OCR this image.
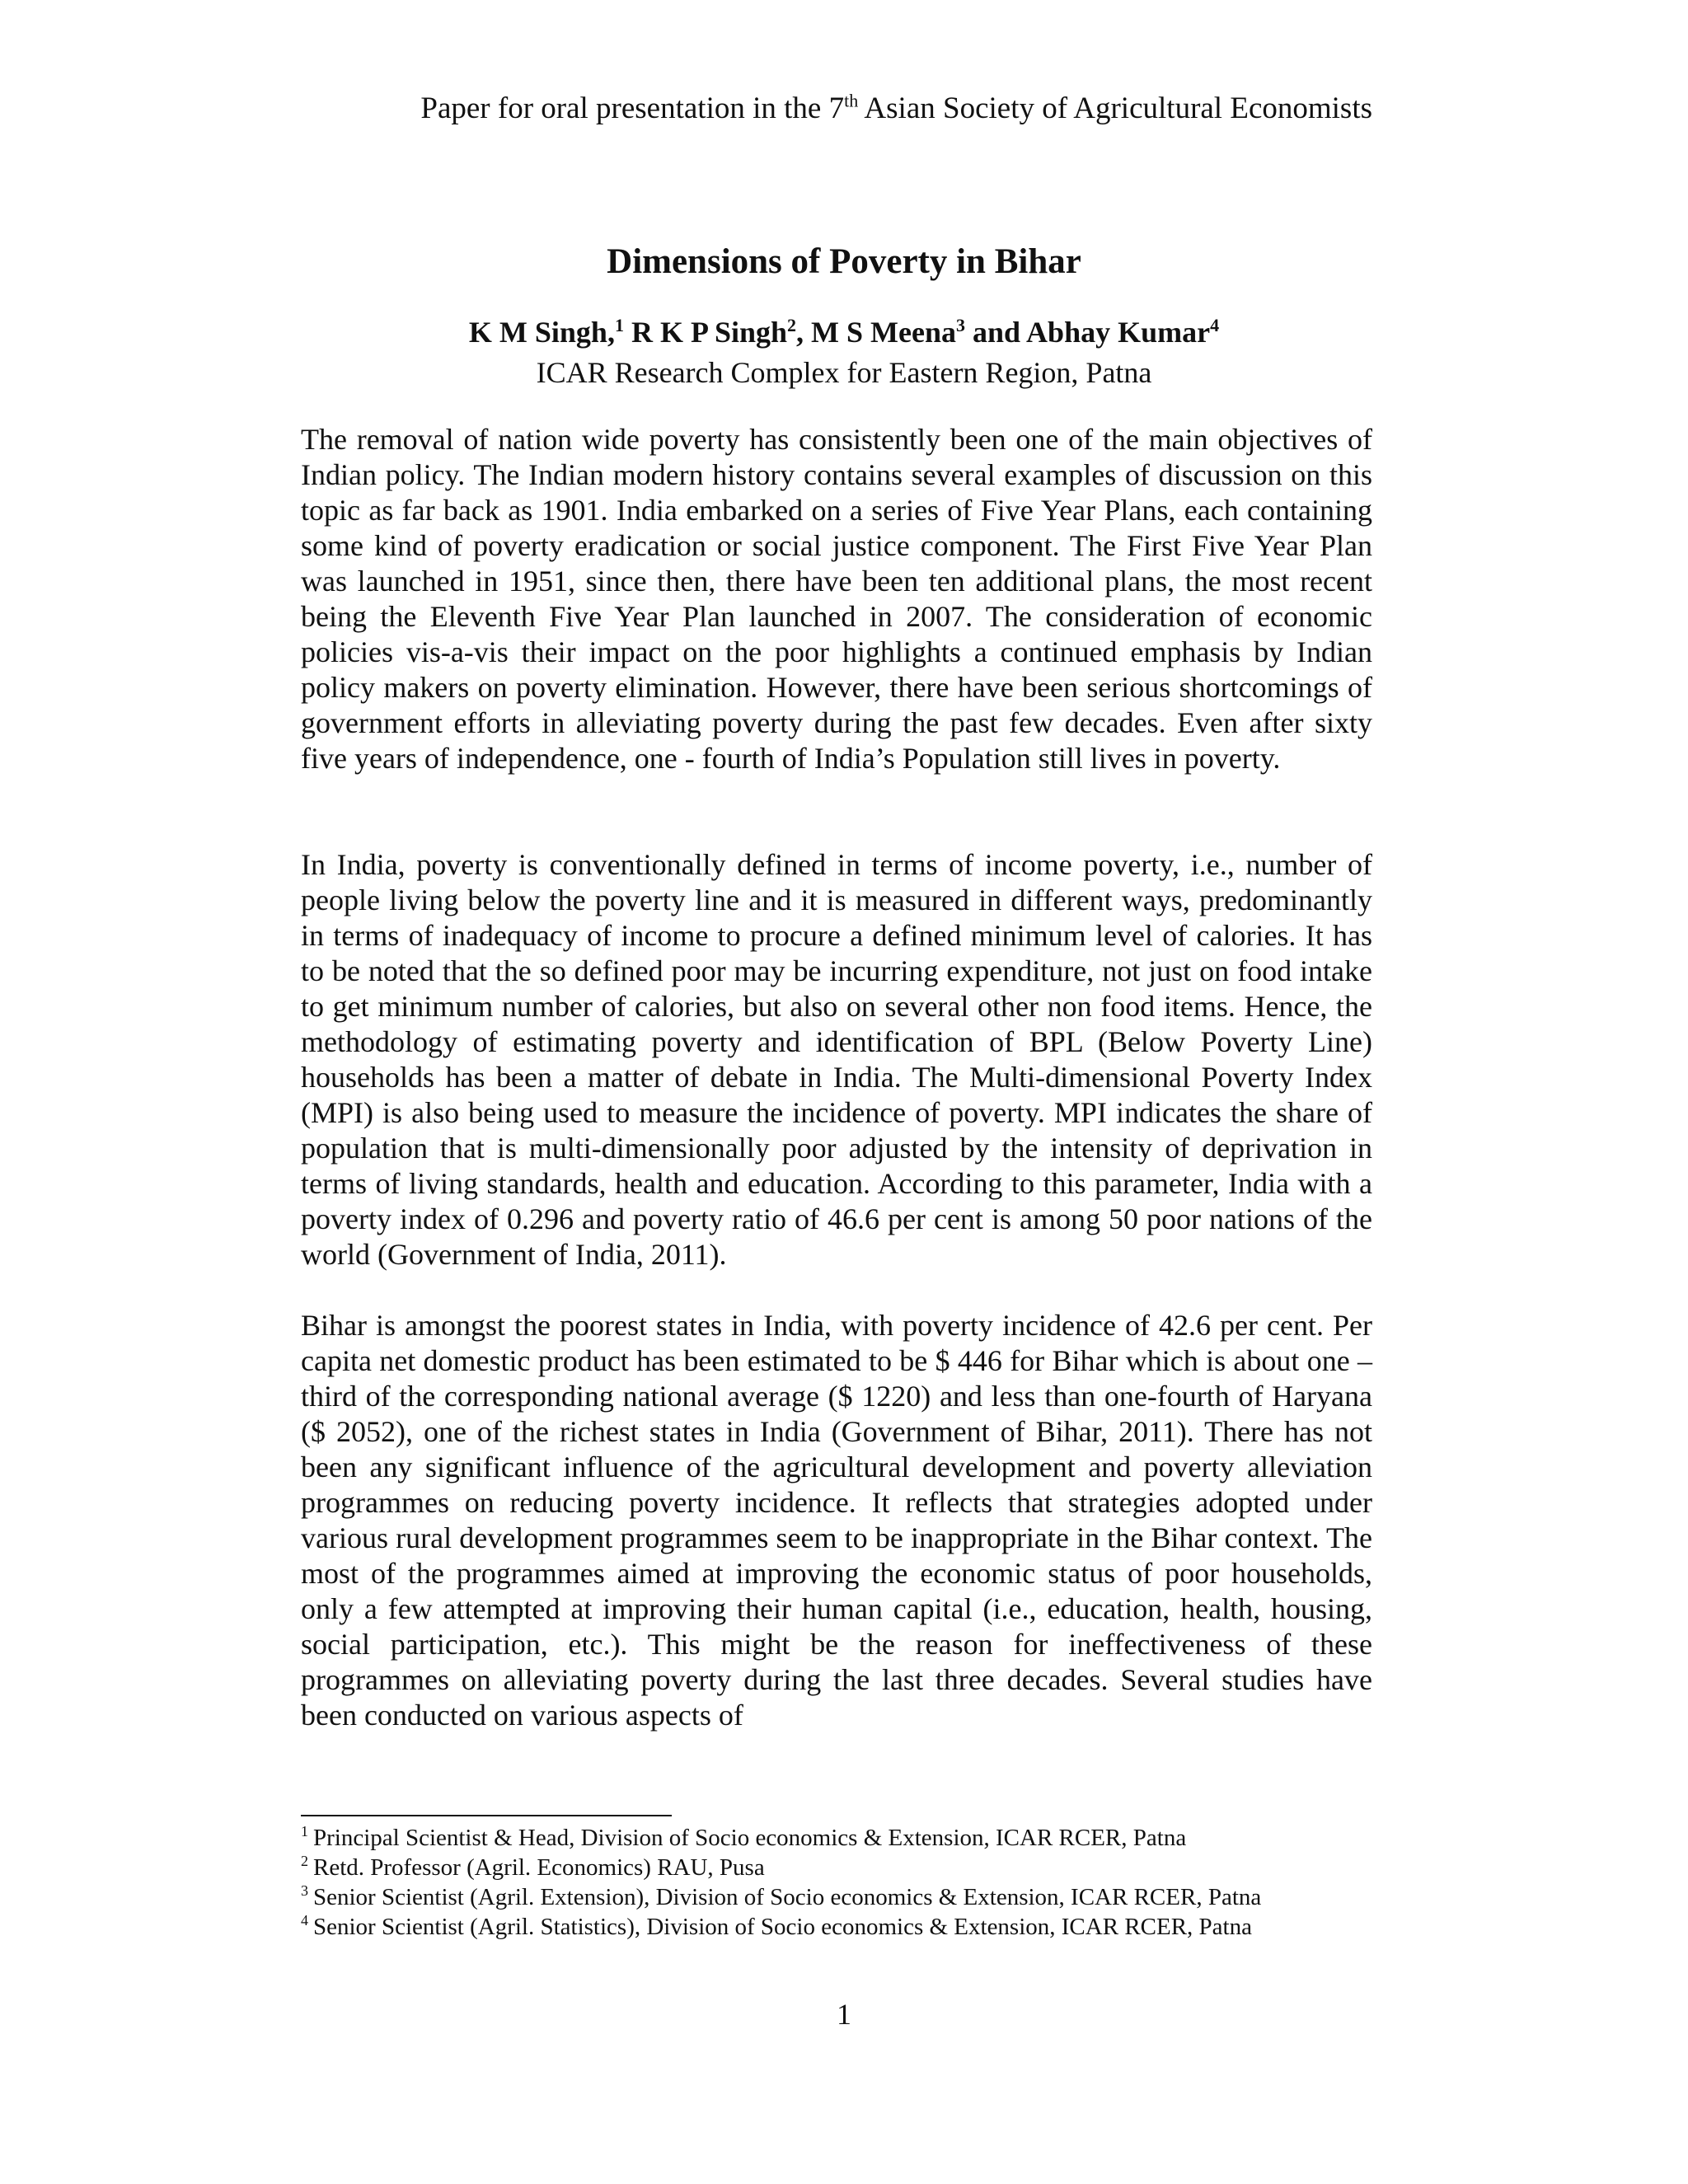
Paper for oral presentation in the 7th Asian Society of Agricultural Economists
Dimensions of Poverty in Bihar
K M Singh,$^1$ R K P Singh$^2$, M S Meena$^3$ and Abhay Kumar$^4$
ICAR Research Complex for Eastern Region, Patna

The removal of nation wide poverty has consistently been one of the main objectives of Indian policy. The Indian modern history contains several examples of discussion on this topic as far back as 1901. India embarked on a series of Five Year Plans, each containing some kind of poverty eradication or social justice component. The First Five Year Plan was launched in 1951, since then, there have been ten additional plans, the most recent being the Eleventh Five Year Plan launched in 2007. The consideration of economic policies vis-a-vis their impact on the poor highlights a continued emphasis by Indian policy makers on poverty elimination. However, there have been serious shortcomings of government efforts in alleviating poverty during the past few decades. Even after sixty five years of independence, one - fourth of India’s Population still lives in poverty.

In India, poverty is conventionally defined in terms of income poverty, i.e., number of people living below the poverty line and it is measured in different ways, predominantly in terms of inadequacy of income to procure a defined minimum level of calories. It has to be noted that the so defined poor may be incurring expenditure, not just on food intake to get minimum number of calories, but also on several other non food items. Hence, the methodology of estimating poverty and identification of BPL (Below Poverty Line) households has been a matter of debate in India. The Multi-dimensional Poverty Index (MPI) is also being used to measure the incidence of poverty. MPI indicates the share of population that is multi-dimensionally poor adjusted by the intensity of deprivation in terms of living standards, health and education. According to this parameter, India with a poverty index of 0.296 and poverty ratio of 46.6 per cent is among 50 poor nations of the world (Government of India, 2011).

Bihar is amongst the poorest states in India, with poverty incidence of 42.6 per cent. Per capita net domestic product has been estimated to be $ 446 for Bihar which is about one –third of the corresponding national average ($ 1220) and less than one-fourth of Haryana ($ 2052), one of the richest states in India (Government of Bihar, 2011). There has not been any significant influence of the agricultural development and poverty alleviation programmes on reducing poverty incidence. It reflects that strategies adopted under various rural development programmes seem to be inappropriate in the Bihar context. The most of the programmes aimed at improving the economic status of poor households, only a few attempted at improving their human capital (i.e., education, health, housing, social participation, etc.). This might be the reason for ineffectiveness of these programmes on alleviating poverty during the last three decades. Several studies have been conducted on various aspects of

$^1$ Principal Scientist & Head, Division of Socio economics & Extension, ICAR RCER, Patna
$^2$ Retd. Professor (Agril. Economics) RAU, Pusa
$^3$ Senior Scientist (Agril. Extension), Division of Socio economics & Extension, ICAR RCER, Patna
$^4$ Senior Scientist (Agril. Statistics), Division of Socio economics & Extension, ICAR RCER, Patna
1
